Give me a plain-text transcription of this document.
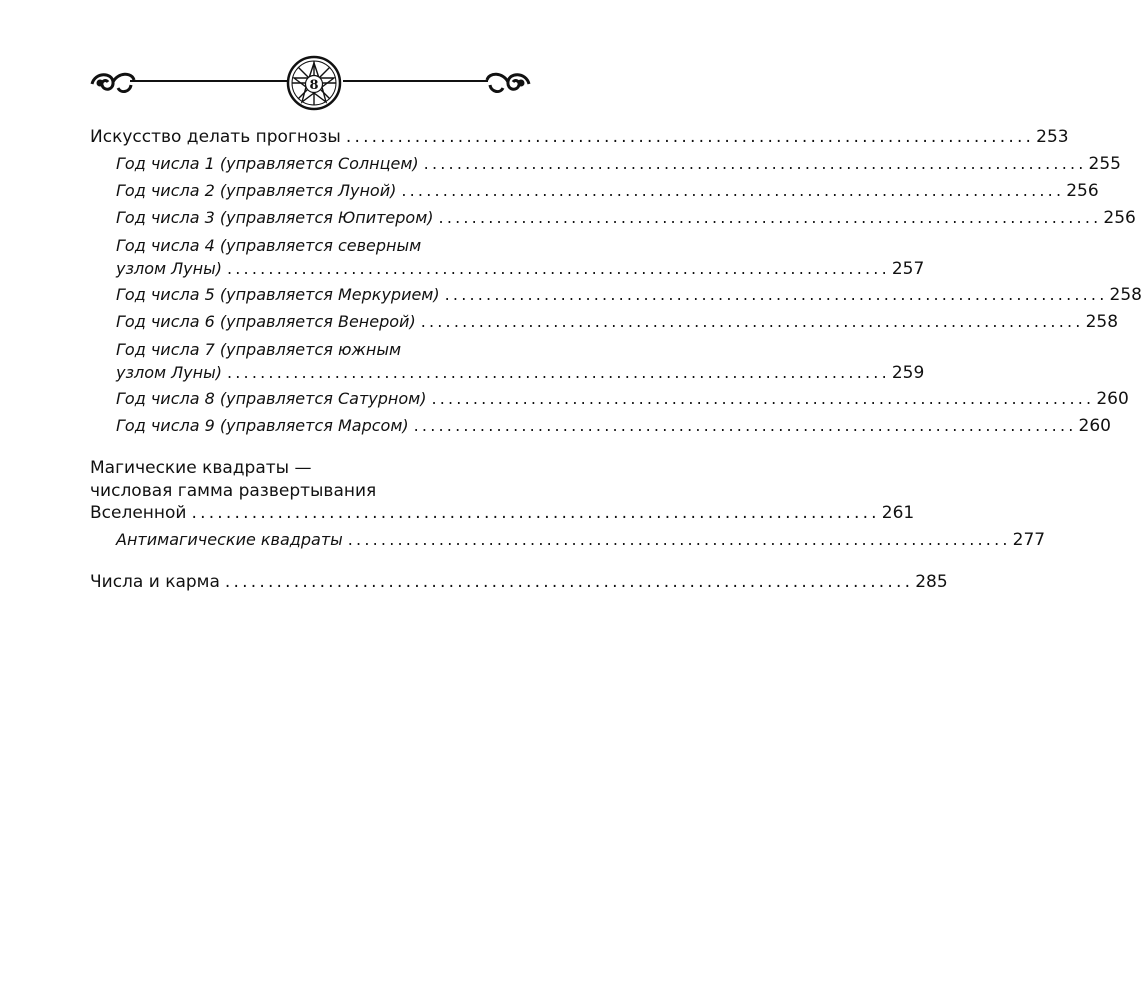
8
Искусство делать прогнозы ................................................................................ 253
Год числа 1 (управляется Солнцем) ................................................................................ 255
Год числа 2 (управляется Луной) ................................................................................ 256
Год числа 3 (управляется Юпитером) ................................................................................ 256
Год числа 4 (управляется северным
узлом Луны) ................................................................................ 257
Год числа 5 (управляется Меркурием) ................................................................................ 258
Год числа 6 (управляется Венерой) ................................................................................ 258
Год числа 7 (управляется южным
узлом Луны) ................................................................................ 259
Год числа 8 (управляется Сатурном) ................................................................................ 260
Год числа 9 (управляется Марсом) ................................................................................ 260
Магические квадраты —
числовая гамма развертывания
Вселенной ................................................................................ 261
Антимагические квадраты ................................................................................ 277
Числа и карма ................................................................................ 285
